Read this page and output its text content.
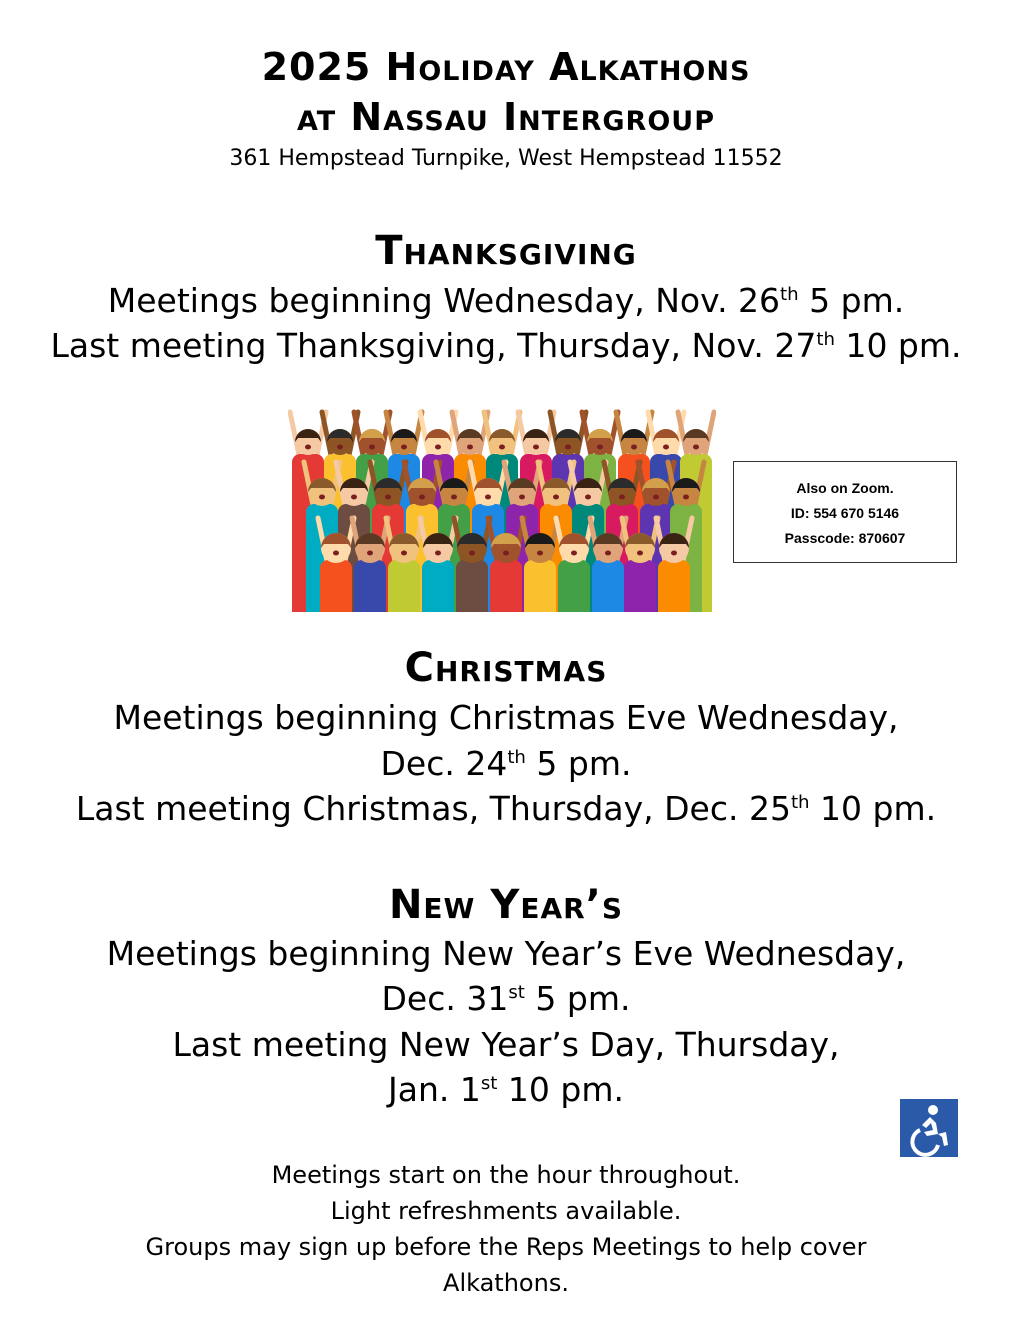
2025 Holiday Alkathons
at Nassau Intergroup
361 Hempstead Turnpike, West Hempstead 11552
Thanksgiving
Meetings beginning Wednesday, Nov. 26th 5 pm.
Last meeting Thanksgiving, Thursday, Nov. 27th 10 pm.
Also on Zoom.
ID: 554 670 5146
Passcode: 870607
Christmas
Meetings beginning Christmas Eve Wednesday,
Dec. 24th 5 pm.
Last meeting Christmas, Thursday, Dec. 25th 10 pm.
New Year’s
Meetings beginning New Year’s Eve Wednesday,
Dec. 31st 5 pm.
Last meeting New Year’s Day, Thursday,
Jan. 1st 10 pm.
Meetings start on the hour throughout.
Light refreshments available.
Groups may sign up before the Reps Meetings to help cover
Alkathons.
